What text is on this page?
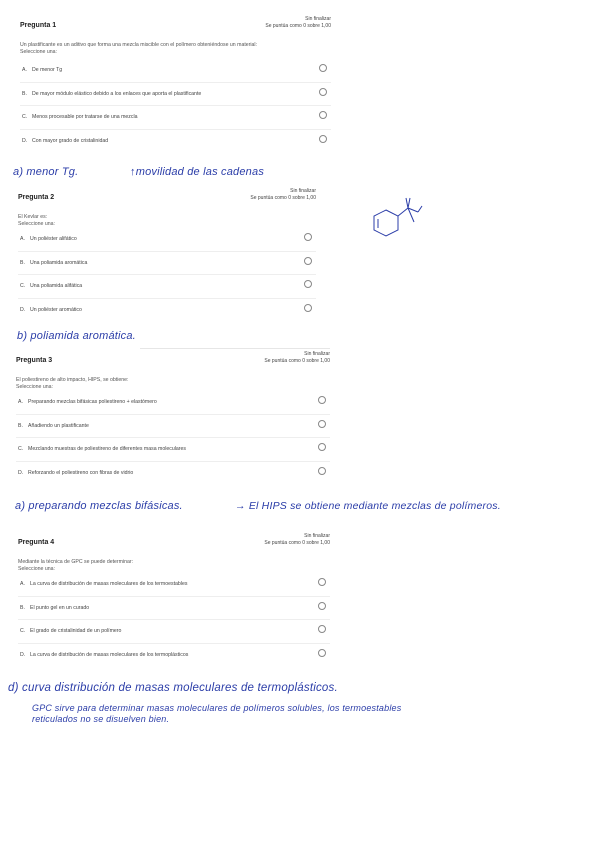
Pregunta 1
Sin finalizar
Se puntúa como 0 sobre 1,00
Un plastificante es un aditivo que forma una mezcla miscible con el polímero obteniéndose un material:
Seleccione una:
A. De menor Tg
B. De mayor módulo elástico debido a los enlaces que aporta el plastificante
C. Menos procesable por tratarse de una mezcla
D. Con mayor grado de cristalinidad
a) menor Tg.	↑movilidad de las cadenas
Pregunta 2
Sin finalizar
Se puntúa como 0 sobre 1,00
El Kevlar es:
Seleccione una:
A. Un poliéster alifático
B. Una poliamida aromática
C. Una poliamida alifática
D. Un poliéster aromático
b) poliamida aromática.
Pregunta 3
Sin finalizar
Se puntúa como 0 sobre 1,00
El poliestireno de alto impacto, HIPS, se obtiene:
Seleccione una:
A. Preparando mezclas bifásicas poliestireno + elastómero
B. Añadiendo un plastificante
C. Mezclando muestras de poliestireno de diferentes masa moleculares
D. Reforzando el poliestireno con fibras de vidrio
a) preparando mezclas bifásicas.	→ El HIPS se obtiene mediante mezclas de polímeros.
Pregunta 4
Sin finalizar
Se puntúa como 0 sobre 1,00
Mediante la técnica de GPC se puede determinar:
Seleccione una:
A. La curva de distribución de masas moleculares de los termoestables
B. El punto gel en un curado
C. El grado de cristalinidad de un polímero
D. La curva de distribución de masas moleculares de los termoplásticos
d) curva distribución de masas moleculares de termoplásticos.
GPC sirve para determinar masas moleculares de polímeros solubles, los termoestables
reticulados no se disuelven bien.
